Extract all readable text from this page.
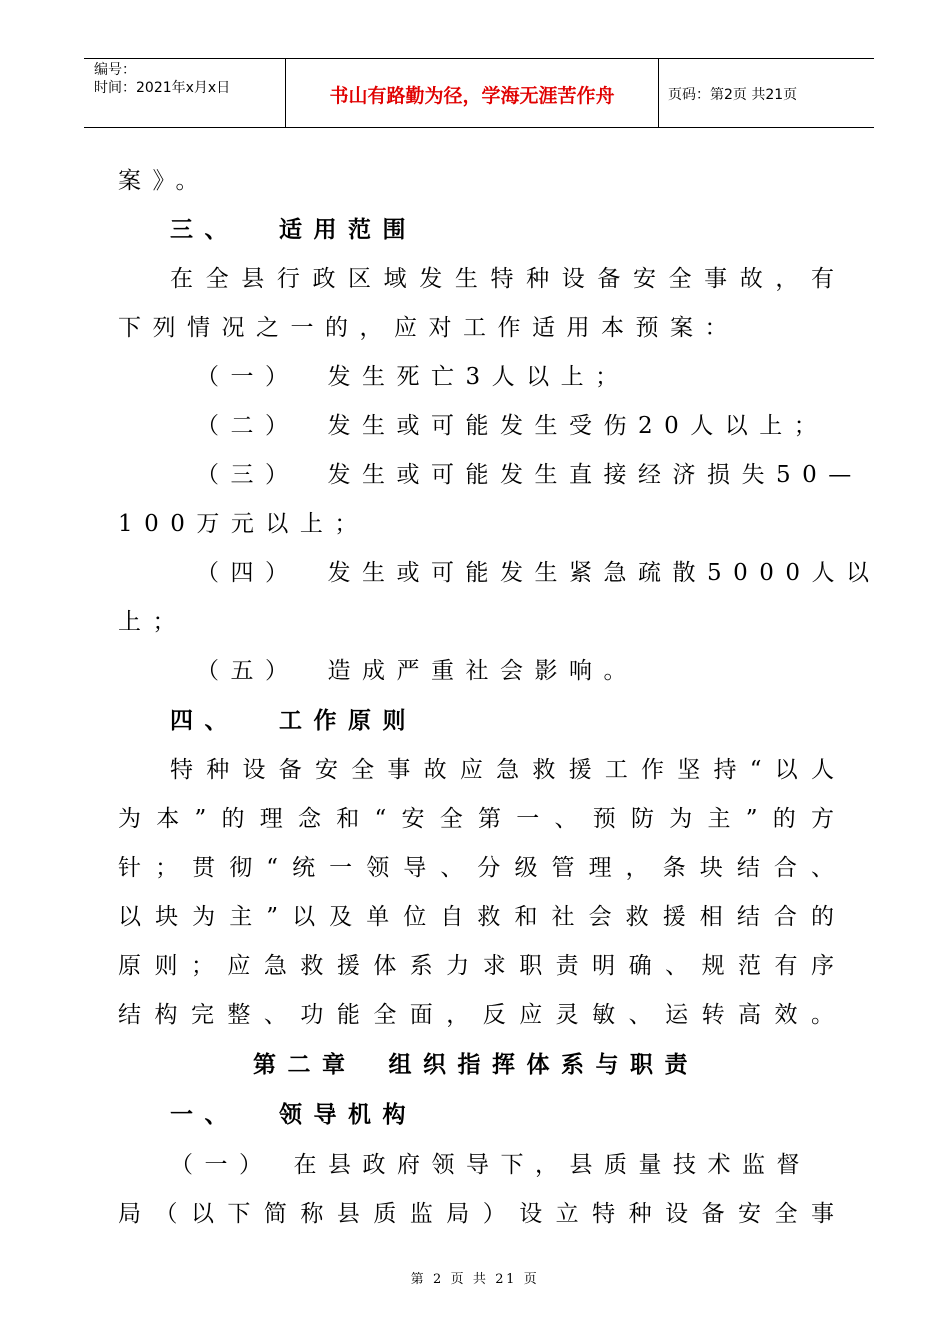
编号：
时间：2021年x月x日	书山有路勤为径，学海无涯苦作舟	页码：第2页 共21页
案》。
三、 适用范围
在全县行政区域发生特种设备安全事故，有
下列情况之一的，应对工作适用本预案：
（一） 发生死亡3人以上；
（二） 发生或可能发生受伤20人以上；
（三） 发生或可能发生直接经济损失50—
100万元以上；
（四） 发生或可能发生紧急疏散5000人以
上；
（五） 造成严重社会影响。
四、 工作原则
特种设备安全事故应急救援工作坚持“以人
为本”的理念和“安全第一、预防为主”的方
针；贯彻“统一领导、分级管理，条块结合、
以块为主”以及单位自救和社会救援相结合的
原则；应急救援体系力求职责明确、规范有序
结构完整、功能全面，反应灵敏、运转高效。
第二章 组织指挥体系与职责
一、 领导机构
（一） 在县政府领导下，县质量技术监督
局（以下简称县质监局）设立特种设备安全事
第 2 页 共 21 页
